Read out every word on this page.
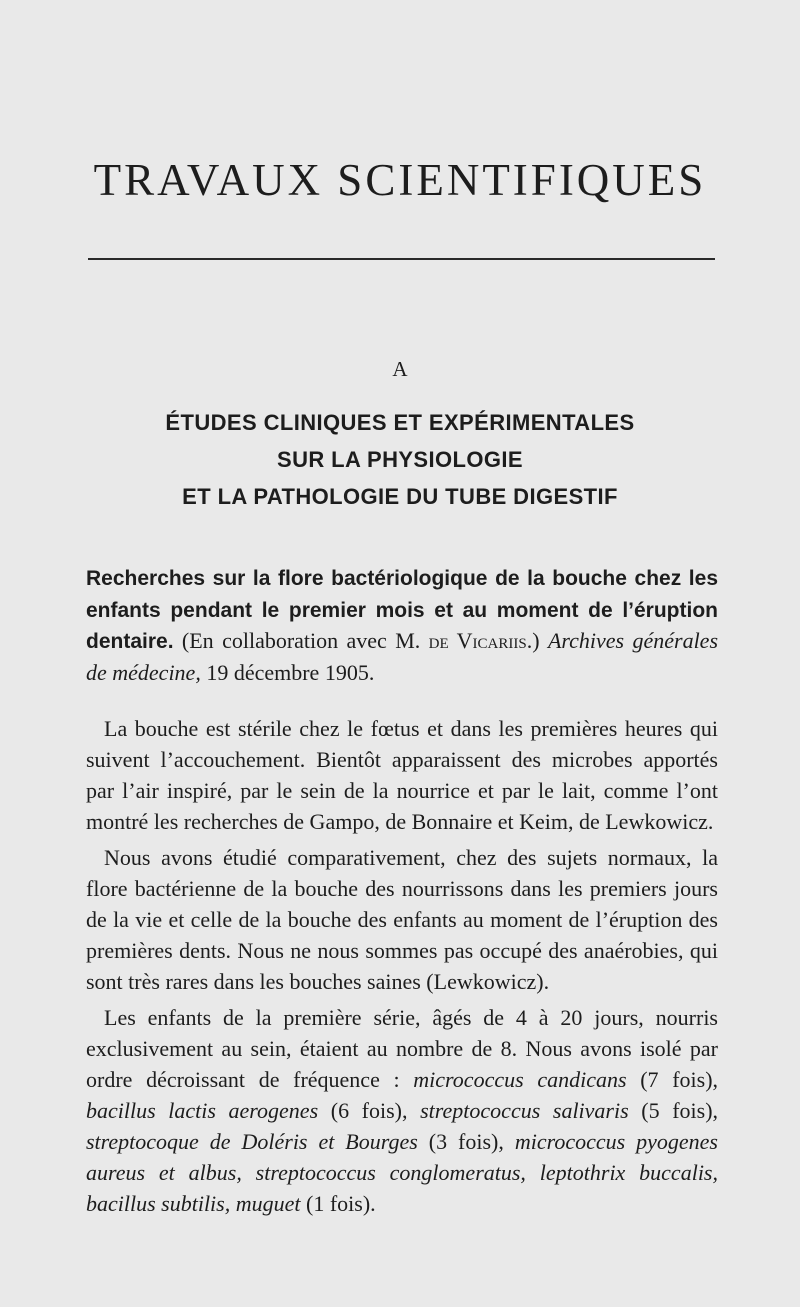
TRAVAUX SCIENTIFIQUES
A
ÉTUDES CLINIQUES ET EXPÉRIMENTALES
SUR LA PHYSIOLOGIE
ET LA PATHOLOGIE DU TUBE DIGESTIF
Recherches sur la flore bactériologique de la bouche chez les enfants pendant le premier mois et au moment de l’éruption dentaire. (En collaboration avec M. de Vicariis.) Archives générales de médecine, 19 décembre 1905.

La bouche est stérile chez le fœtus et dans les premières heures qui suivent l’accouchement. Bientôt apparaissent des microbes apportés par l’air inspiré, par le sein de la nourrice et par le lait, comme l’ont montré les recherches de Gampo, de Bonnaire et Keim, de Lewkowicz.

Nous avons étudié comparativement, chez des sujets normaux, la flore bactérienne de la bouche des nourrissons dans les premiers jours de la vie et celle de la bouche des enfants au moment de l’éruption des premières dents. Nous ne nous sommes pas occupé des anaérobies, qui sont très rares dans les bouches saines (Lewkowicz).

Les enfants de la première série, âgés de 4 à 20 jours, nourris exclusivement au sein, étaient au nombre de 8. Nous avons isolé par ordre décroissant de fréquence : micrococcus candicans (7 fois), bacillus lactis aerogenes (6 fois), streptococcus salivaris (5 fois), streptocoque de Doléris et Bourges (3 fois), micrococcus pyogenes aureus et albus, streptococcus conglomeratus, leptothrix buccalis, bacillus subtilis, muguet (1 fois).
